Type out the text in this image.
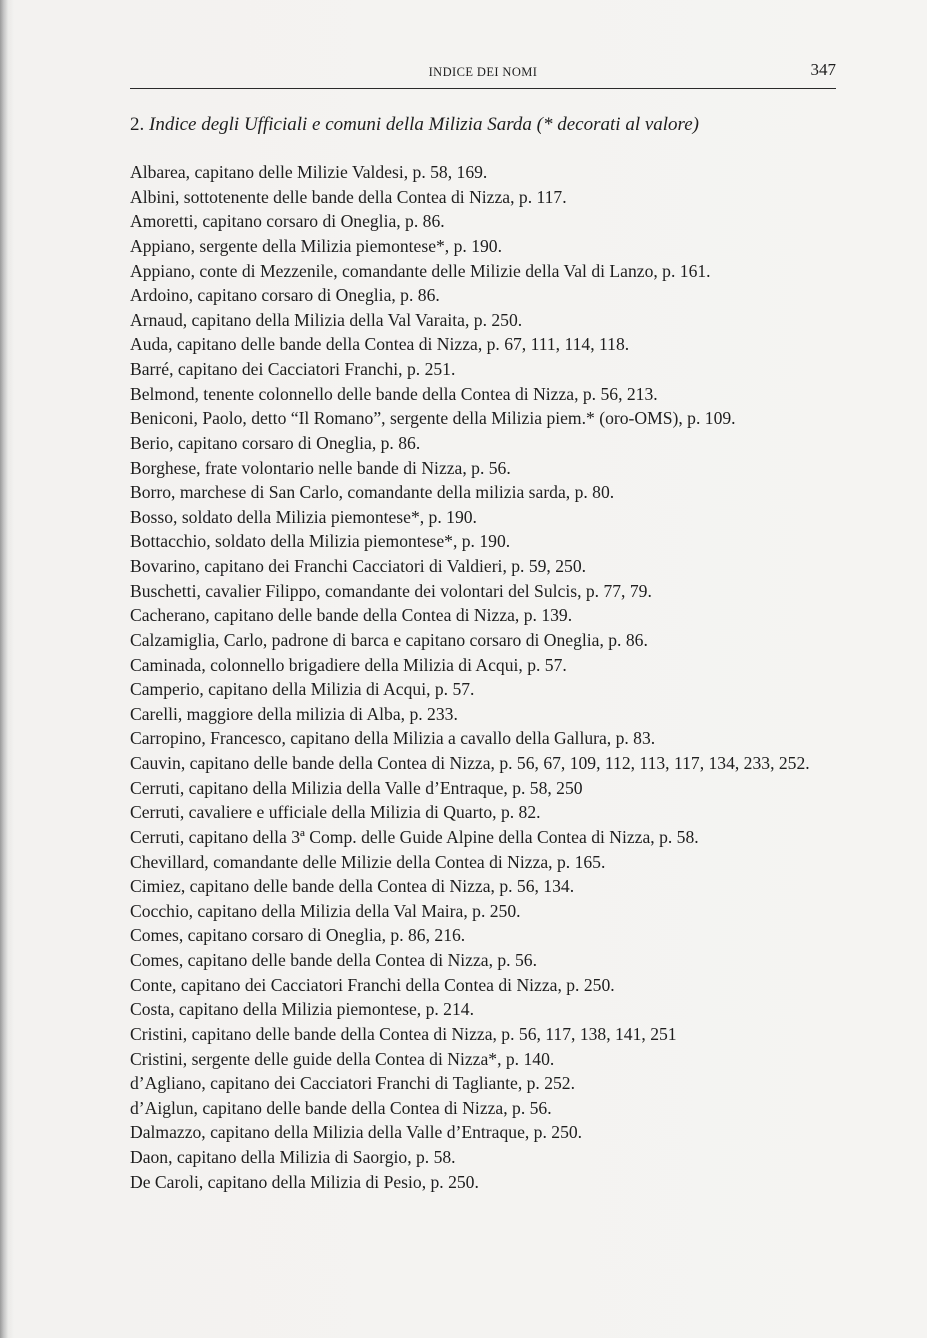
INDICE DEI NOMI	347
2. Indice degli Ufficiali e comuni della Milizia Sarda (* decorati al valore)
Albarea, capitano delle Milizie Valdesi, p. 58, 169.
Albini, sottotenente delle bande della Contea di Nizza, p. 117.
Amoretti, capitano corsaro di Oneglia, p. 86.
Appiano, sergente della Milizia piemontese*, p. 190.
Appiano, conte di Mezzenile, comandante delle Milizie della Val di Lanzo, p. 161.
Ardoino, capitano corsaro di Oneglia, p. 86.
Arnaud, capitano della Milizia della Val Varaita, p. 250.
Auda, capitano delle bande della Contea di Nizza, p. 67, 111, 114, 118.
Barré, capitano dei Cacciatori Franchi, p. 251.
Belmond, tenente colonnello delle bande della Contea di Nizza, p. 56, 213.
Beniconi, Paolo, detto “Il Romano”, sergente della Milizia piem.* (oro-OMS), p. 109.
Berio, capitano corsaro di Oneglia, p. 86.
Borghese, frate volontario nelle bande di Nizza, p. 56.
Borro, marchese di San Carlo, comandante della milizia sarda, p. 80.
Bosso, soldato della Milizia piemontese*, p. 190.
Bottacchio, soldato della Milizia piemontese*, p. 190.
Bovarino, capitano dei Franchi Cacciatori di Valdieri, p. 59, 250.
Buschetti, cavalier Filippo, comandante dei volontari del Sulcis, p. 77, 79.
Cacherano, capitano delle bande della Contea di Nizza, p. 139.
Calzamiglia, Carlo, padrone di barca e capitano corsaro di Oneglia, p. 86.
Caminada, colonnello brigadiere della Milizia di Acqui, p. 57.
Camperio, capitano della Milizia di Acqui, p. 57.
Carelli, maggiore della milizia di Alba, p. 233.
Carropino, Francesco, capitano della Milizia a cavallo della Gallura, p. 83.
Cauvin, capitano delle bande della Contea di Nizza, p. 56, 67, 109, 112, 113, 117, 134, 233, 252.
Cerruti, capitano della Milizia della Valle d’Entraque, p. 58, 250
Cerruti, cavaliere e ufficiale della Milizia di Quarto, p. 82.
Cerruti, capitano della 3ª Comp. delle Guide Alpine della Contea di Nizza, p. 58.
Chevillard, comandante delle Milizie della Contea di Nizza, p. 165.
Cimiez, capitano delle bande della Contea di Nizza, p. 56, 134.
Cocchio, capitano della Milizia della Val Maira, p. 250.
Comes, capitano corsaro di Oneglia, p. 86, 216.
Comes, capitano delle bande della Contea di Nizza, p. 56.
Conte, capitano dei Cacciatori Franchi della Contea di Nizza, p. 250.
Costa, capitano della Milizia piemontese, p. 214.
Cristini, capitano delle bande della Contea di Nizza, p. 56, 117, 138, 141, 251
Cristini, sergente delle guide della Contea di Nizza*, p. 140.
d’Agliano, capitano dei Cacciatori Franchi di Tagliante, p. 252.
d’Aiglun, capitano delle bande della Contea di Nizza, p. 56.
Dalmazzo, capitano della Milizia della Valle d’Entraque, p. 250.
Daon, capitano della Milizia di Saorgio, p. 58.
De Caroli, capitano della Milizia di Pesio, p. 250.
